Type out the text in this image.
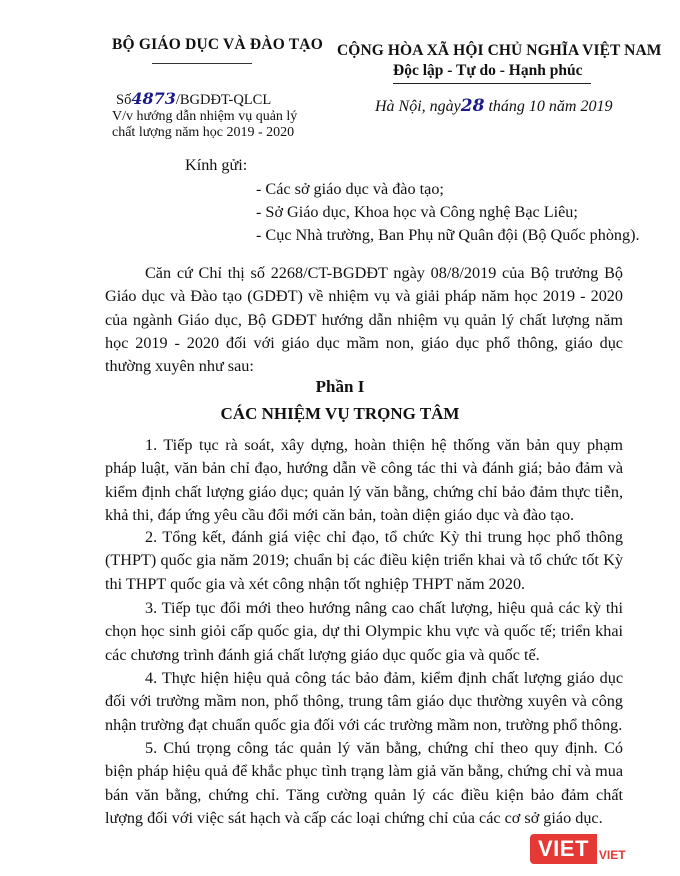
BỘ GIÁO DỤC VÀ ĐÀO TẠO CỘNG HÒA XÃ HỘI CHỦ NGHĨA VIỆT NAM
Độc lập - Tự do - Hạnh phúc
Số4873/BGDĐT-QLCL
V/v hướng dẫn nhiệm vụ quản lý
chất lượng năm học 2019 - 2020
Hà Nội, ngày28 tháng 10 năm 2019
Kính gửi:
- Các sở giáo dục và đào tạo;
- Sở Giáo dục, Khoa học và Công nghệ Bạc Liêu;
- Cục Nhà trường, Ban Phụ nữ Quân đội (Bộ Quốc phòng).

Căn cứ Chỉ thị số 2268/CT-BGDĐT ngày 08/8/2019 của Bộ trưởng Bộ Giáo dục và Đào tạo (GDĐT) về nhiệm vụ và giải pháp năm học 2019 - 2020 của ngành Giáo dục, Bộ GDĐT hướng dẫn nhiệm vụ quản lý chất lượng năm học 2019 - 2020 đối với giáo dục mầm non, giáo dục phổ thông, giáo dục thường xuyên như sau:

Phần I
CÁC NHIỆM VỤ TRỌNG TÂM

1. Tiếp tục rà soát, xây dựng, hoàn thiện hệ thống văn bản quy phạm pháp luật, văn bản chỉ đạo, hướng dẫn về công tác thi và đánh giá; bảo đảm và kiểm định chất lượng giáo dục; quản lý văn bằng, chứng chỉ bảo đảm thực tiễn, khả thi, đáp ứng yêu cầu đổi mới căn bản, toàn diện giáo dục và đào tạo.

2. Tổng kết, đánh giá việc chỉ đạo, tổ chức Kỳ thi trung học phổ thông (THPT) quốc gia năm 2019; chuẩn bị các điều kiện triển khai và tổ chức tốt Kỳ thi THPT quốc gia và xét công nhận tốt nghiệp THPT năm 2020.

3. Tiếp tục đổi mới theo hướng nâng cao chất lượng, hiệu quả các kỳ thi chọn học sinh giỏi cấp quốc gia, dự thi Olympic khu vực và quốc tế; triển khai các chương trình đánh giá chất lượng giáo dục quốc gia và quốc tế.

4. Thực hiện hiệu quả công tác bảo đảm, kiểm định chất lượng giáo dục đối với trường mầm non, phổ thông, trung tâm giáo dục thường xuyên và công nhận trường đạt chuẩn quốc gia đối với các trường mầm non, trường phổ thông.

5. Chú trọng công tác quản lý văn bằng, chứng chỉ theo quy định. Có biện pháp hiệu quả để khắc phục tình trạng làm giả văn bằng, chứng chỉ và mua bán văn bằng, chứng chỉ. Tăng cường quản lý các điều kiện bảo đảm chất lượng đối với việc sát hạch và cấp các loại chứng chỉ của các cơ sở giáo dục.

VIET VIET
